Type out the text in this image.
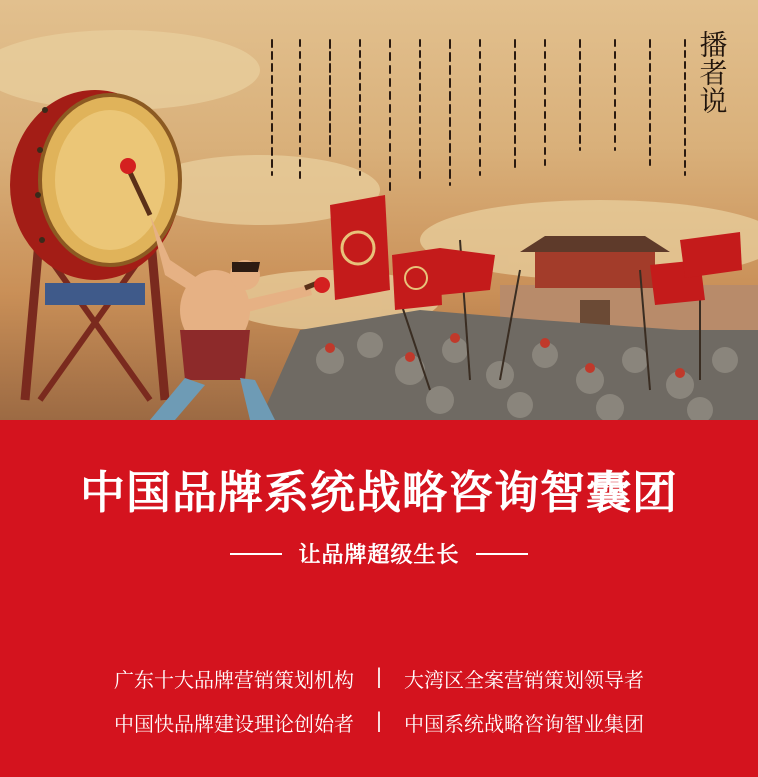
播者说
中国品牌系统战略咨询智囊团
让品牌超级生长
广东十大品牌营销策划机构 | 大湾区全案营销策划领导者
中国快品牌建设理论创始者 | 中国系统战略咨询智业集团
